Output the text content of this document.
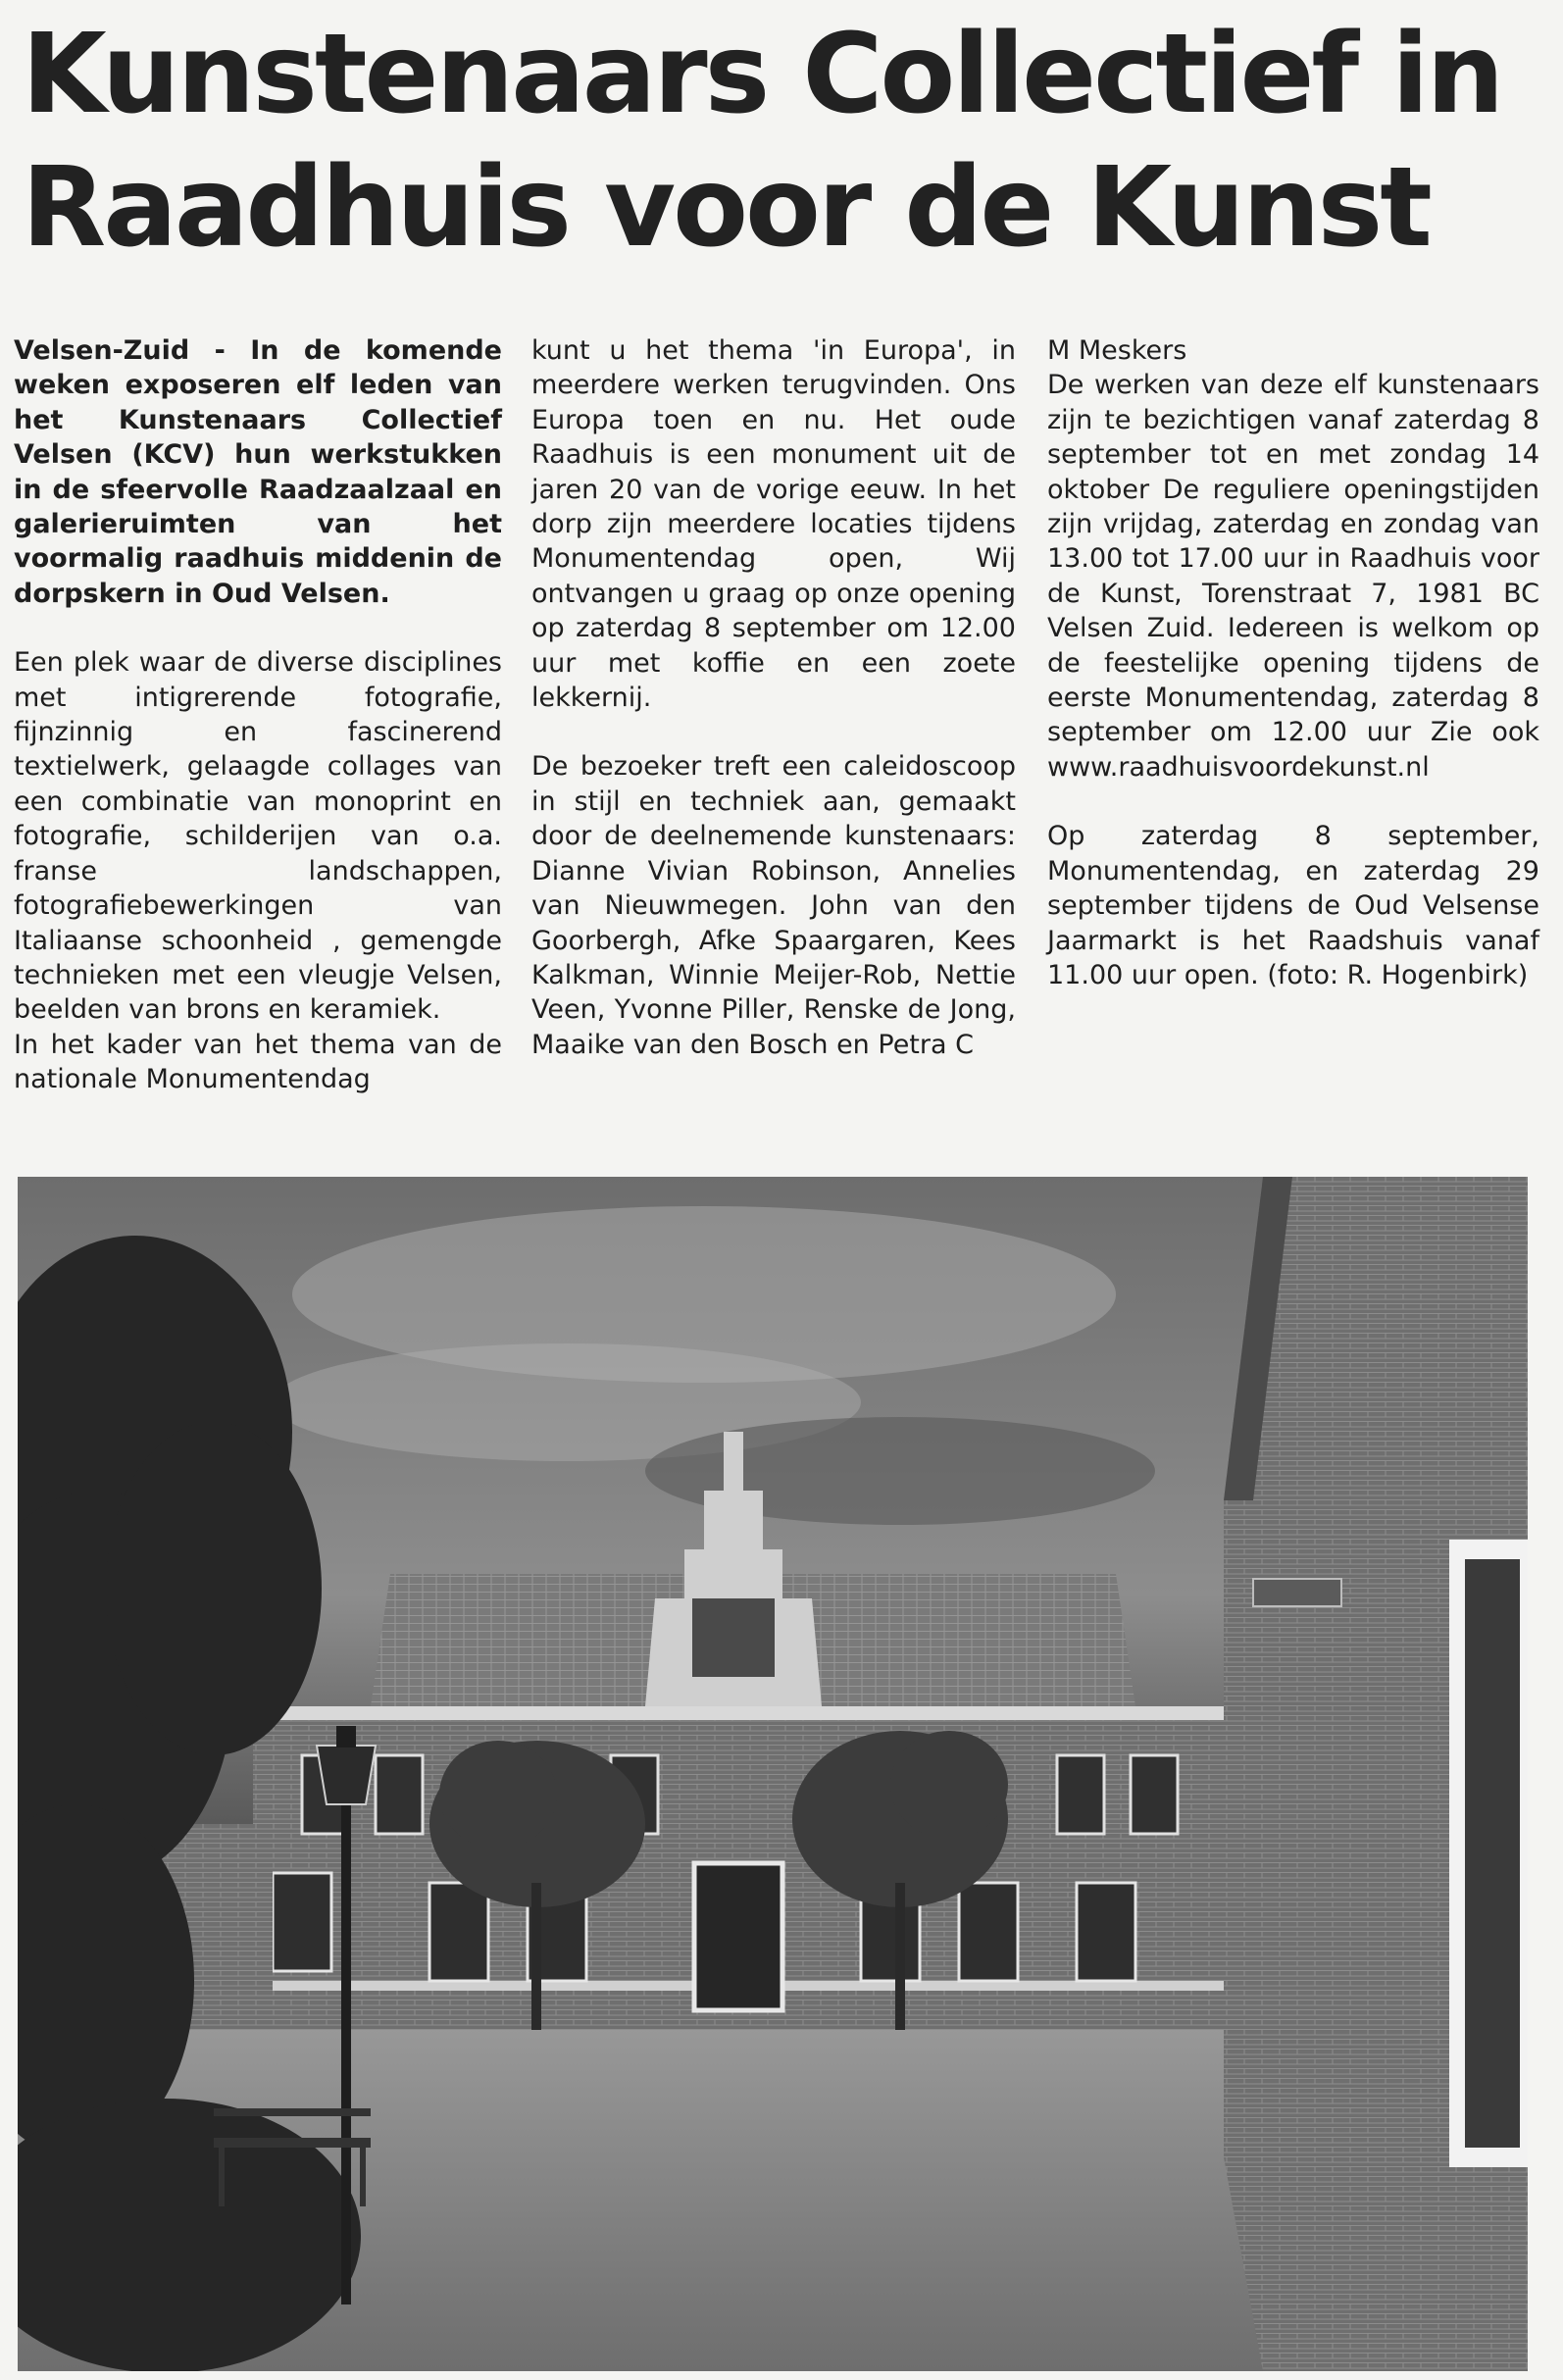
Kunstenaars Collectief in
Raadhuis voor de Kunst

Velsen-Zuid - In de komende weken exposeren elf leden van het Kunstenaars Collectief Velsen (KCV) hun werkstukken in de sfeervolle Raadzaalzaal en galerieruimten van het voormalig raadhuis middenin de dorpskern in Oud Velsen.

Een plek waar de diverse disciplines met intigrerende fotografie, fijnzinnig en fascinerend textielwerk, gelaagde collages van een combinatie van monoprint en fotografie, schilderijen van o.a. franse landschappen, fotografiebewerkingen van Italiaanse schoonheid , gemengde technieken met een vleugje Velsen, beelden van brons en keramiek.

In het kader van het thema van de nationale Monumentendag

kunt u het thema 'in Europa', in meerdere werken terugvinden. Ons Europa toen en nu. Het oude Raadhuis is een monument uit de jaren 20 van de vorige eeuw. In het dorp zijn meerdere locaties tijdens Monumentendag open, Wij ontvangen u graag op onze opening op zaterdag 8 september om 12.00 uur met koffie en een zoete lekkernij.

De bezoeker treft een caleidoscoop in stijl en techniek aan, gemaakt door de deelnemende kunstenaars: Dianne Vivian Robinson, Annelies van Nieuwmegen. John van den Goorbergh, Afke Spaargaren, Kees Kalkman, Winnie Meijer-Rob, Nettie Veen, Yvonne Piller, Renske de Jong, Maaike van den Bosch en Petra C

M Meskers

De werken van deze elf kunstenaars zijn te bezichtigen vanaf zaterdag 8 september tot en met zondag 14 oktober De reguliere openingstijden zijn vrijdag, zaterdag en zondag van 13.00 tot 17.00 uur in Raadhuis voor de Kunst, Torenstraat 7, 1981 BC Velsen Zuid. Iedereen is welkom op de feestelijke opening tijdens de eerste Monumentendag, zaterdag 8 september om 12.00 uur Zie ook www.raadhuisvoordekunst.nl

Op zaterdag 8 september, Monumentendag, en zaterdag 29 september tijdens de Oud Velsense Jaarmarkt is het Raadshuis vanaf 11.00 uur open. (foto: R. Hogenbirk)
